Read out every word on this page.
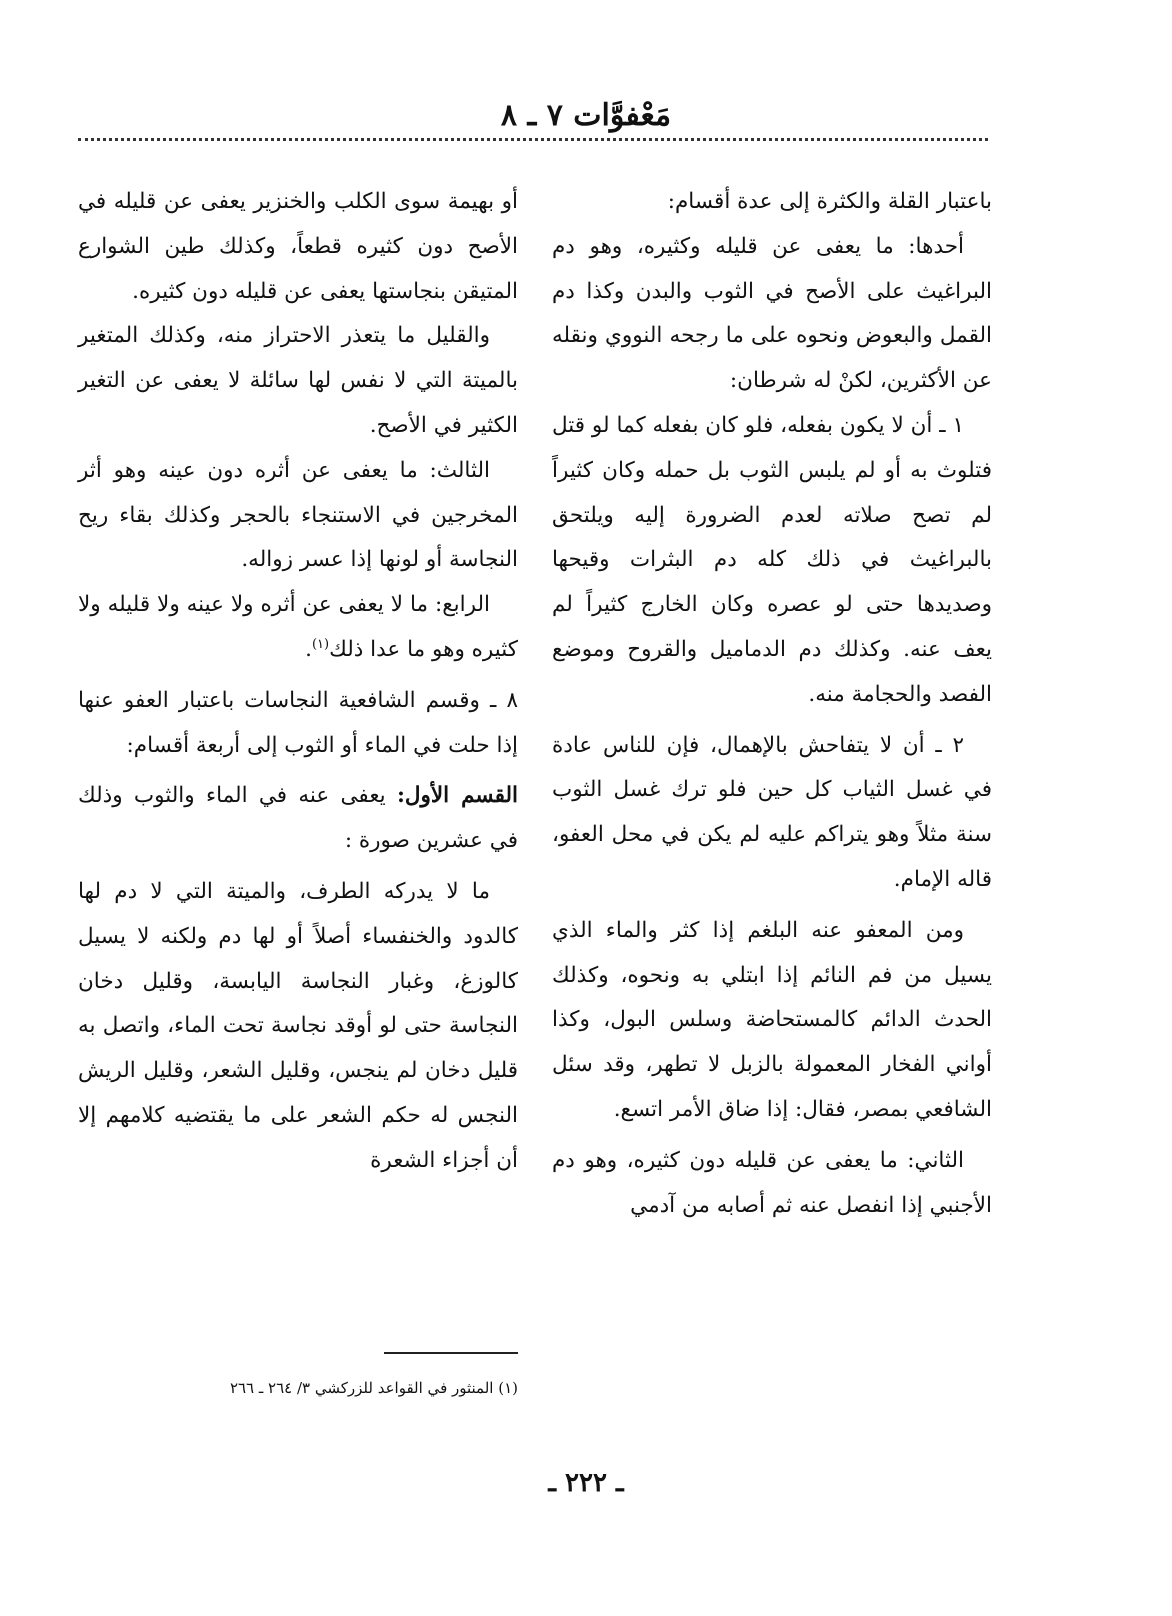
مَعْفوَّات ٧ ـ ٨

باعتبار القلة والكثرة إلى عدة أقسام:

أحدها: ما يعفى عن قليله وكثيره، وهو دم البراغيث على الأصح في الثوب والبدن وكذا دم القمل والبعوض ونحوه على ما رجحه النووي ونقله عن الأكثرين، لكنْ له شرطان:

١ ـ أن لا يكون بفعله، فلو كان بفعله كما لو قتل فتلوث به أو لم يلبس الثوب بل حمله وكان كثيراً لم تصح صلاته لعدم الضرورة إليه ويلتحق بالبراغيث في ذلك كله دم البثرات وقيحها وصديدها حتى لو عصره وكان الخارج كثيراً لم يعف عنه. وكذلك دم الدماميل والقروح وموضع الفصد والحجامة منه.

٢ ـ أن لا يتفاحش بالإهمال، فإن للناس عادة في غسل الثياب كل حين فلو ترك غسل الثوب سنة مثلاً وهو يتراكم عليه لم يكن في محل العفو، قاله الإمام.

ومن المعفو عنه البلغم إذا كثر والماء الذي يسيل من فم النائم إذا ابتلي به ونحوه، وكذلك الحدث الدائم كالمستحاضة وسلس البول، وكذا أواني الفخار المعمولة بالزبل لا تطهر، وقد سئل الشافعي بمصر، فقال: إذا ضاق الأمر اتسع.

الثاني: ما يعفى عن قليله دون كثيره، وهو دم الأجنبي إذا انفصل عنه ثم أصابه من آدمي

أو بهيمة سوى الكلب والخنزير يعفى عن قليله في الأصح دون كثيره قطعاً، وكذلك طين الشوارع المتيقن بنجاستها يعفى عن قليله دون كثيره.

والقليل ما يتعذر الاحتراز منه، وكذلك المتغير بالميتة التي لا نفس لها سائلة لا يعفى عن التغير الكثير في الأصح.

الثالث: ما يعفى عن أثره دون عينه وهو أثر المخرجين في الاستنجاء بالحجر وكذلك بقاء ريح النجاسة أو لونها إذا عسر زواله.

الرابع: ما لا يعفى عن أثره ولا عينه ولا قليله ولا كثيره وهو ما عدا ذلك$^{(١)}$.

٨ ـ وقسم الشافعية النجاسات باعتبار العفو عنها إذا حلت في الماء أو الثوب إلى أربعة أقسام:

القسم الأول: يعفى عنه في الماء والثوب وذلك في عشرين صورة :

ما لا يدركه الطرف، والميتة التي لا دم لها كالدود والخنفساء أصلاً أو لها دم ولكنه لا يسيل كالوزغ، وغبار النجاسة اليابسة، وقليل دخان النجاسة حتى لو أوقد نجاسة تحت الماء، واتصل به قليل دخان لم ينجس، وقليل الشعر، وقليل الريش النجس له حكم الشعر على ما يقتضيه كلامهم إلا أن أجزاء الشعرة

(١) المنثور في القواعد للزركشي ٣/ ٢٦٤ ـ ٢٦٦

ـ ٢٢٢ ـ
